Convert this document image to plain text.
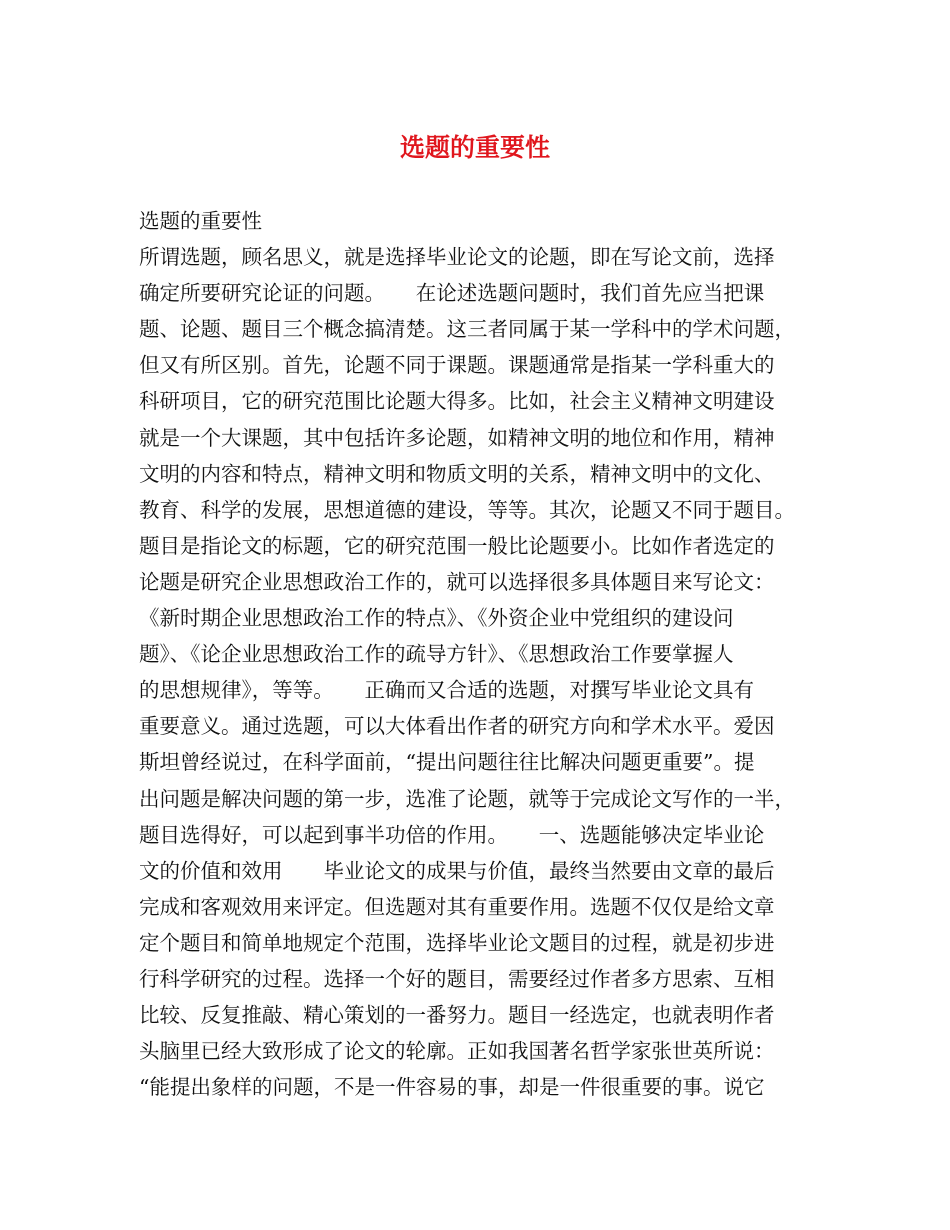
选题的重要性
选题的重要性
所谓选题，顾名思义，就是选择毕业论文的论题，即在写论文前，选择
确定所要研究论证的问题。　　在论述选题问题时，我们首先应当把课
题、论题、题目三个概念搞清楚。这三者同属于某一学科中的学术问题，
但又有所区别。首先，论题不同于课题。课题通常是指某一学科重大的
科研项目，它的研究范围比论题大得多。比如，社会主义精神文明建设
就是一个大课题，其中包括许多论题，如精神文明的地位和作用，精神
文明的内容和特点，精神文明和物质文明的关系，精神文明中的文化、
教育、科学的发展，思想道德的建设，等等。其次，论题又不同于题目。
题目是指论文的标题，它的研究范围一般比论题要小。比如作者选定的
论题是研究企业思想政治工作的，就可以选择很多具体题目来写论文：
《新时期企业思想政治工作的特点》、《外资企业中党组织的建设问
题》、《论企业思想政治工作的疏导方针》、《思想政治工作要掌握人
的思想规律》，等等。　　正确而又合适的选题，对撰写毕业论文具有
重要意义。通过选题，可以大体看出作者的研究方向和学术水平。爱因
斯坦曾经说过，在科学面前，“提出问题往往比解决问题更重要”。提
出问题是解决问题的第一步，选准了论题，就等于完成论文写作的一半，
题目选得好，可以起到事半功倍的作用。　　一、选题能够决定毕业论
文的价值和效用　　毕业论文的成果与价值，最终当然要由文章的最后
完成和客观效用来评定。但选题对其有重要作用。选题不仅仅是给文章
定个题目和简单地规定个范围，选择毕业论文题目的过程，就是初步进
行科学研究的过程。选择一个好的题目，需要经过作者多方思索、互相
比较、反复推敲、精心策划的一番努力。题目一经选定，也就表明作者
头脑里已经大致形成了论文的轮廓。正如我国著名哲学家张世英所说：
“能提出象样的问题，不是一件容易的事，却是一件很重要的事。说它
